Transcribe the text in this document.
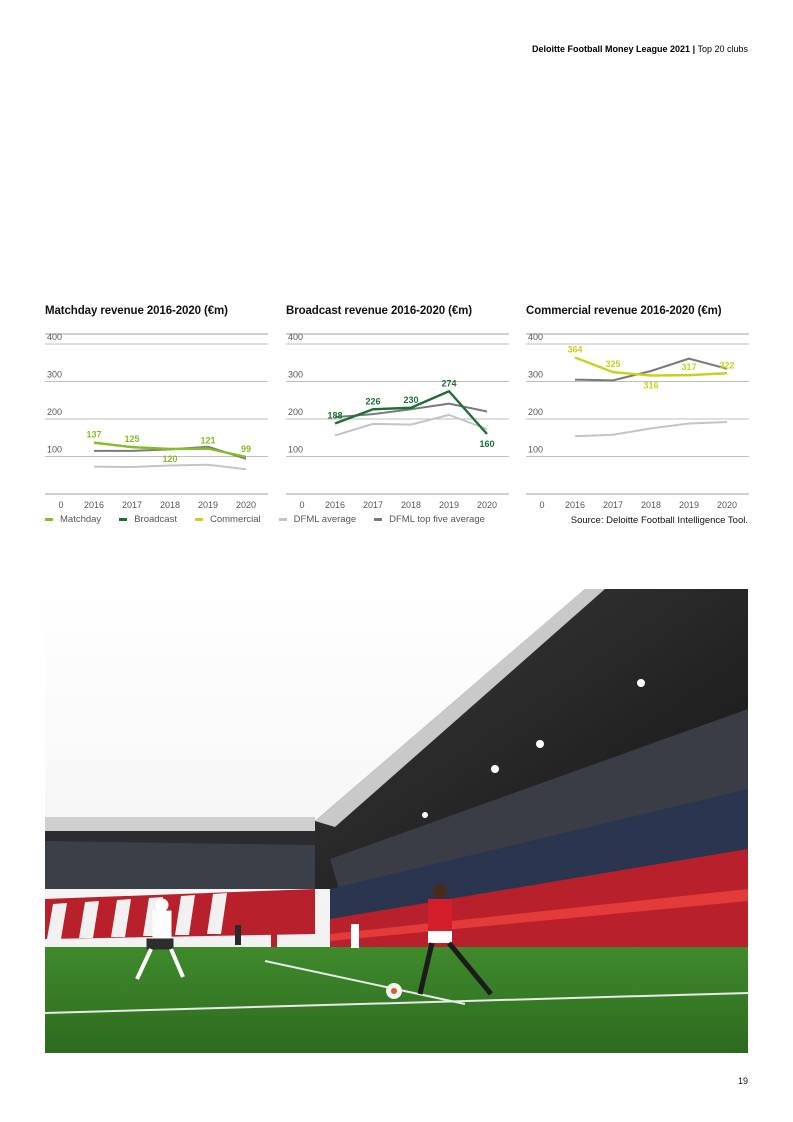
Deloitte Football Money League 2021 | Top 20 clubs
Matchday revenue 2016-2020 (€m)
100
200
300
400
0 2016 2017 2018 2019 2020
137	125
120
121
99
Broadcast revenue 2016-2020 (€m)
100
200
300
400
0 2016 2017 2018 2019 2020
188
226	230
274
160
Commercial revenue 2016-2020 (€m)
100
200
300
400
0 2016 2017 2018 2019 2020
364
325
316
317	322
Matchday	Broadcast	Commercial	DFML average	DFML top five average	Source: Deloitte Football Intelligence Tool.
19
